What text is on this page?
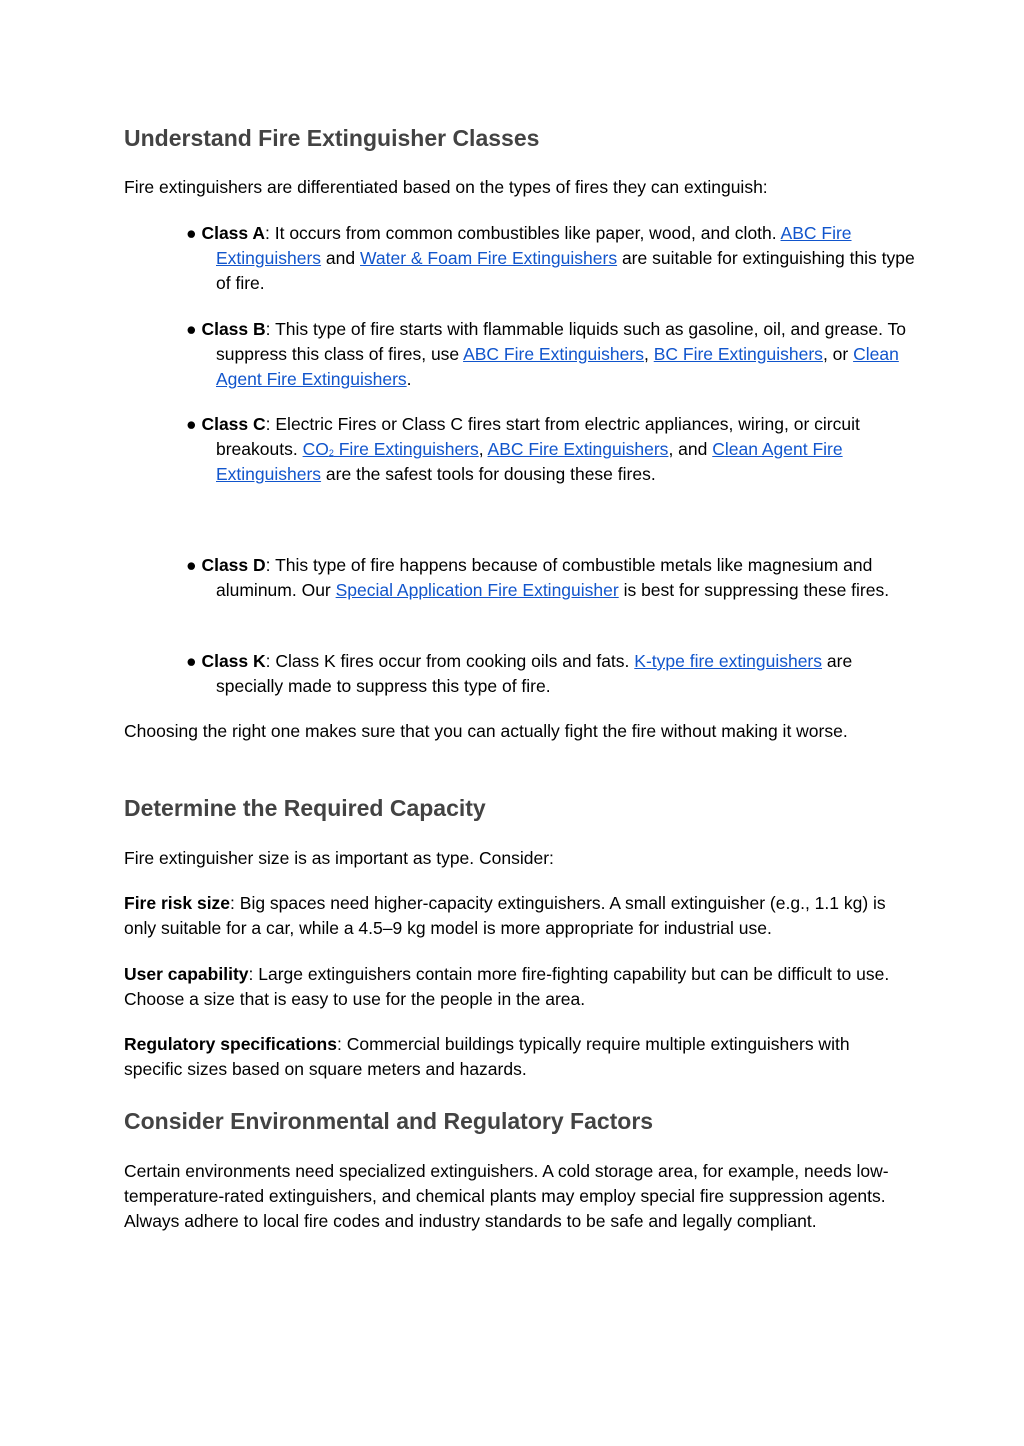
Understand Fire Extinguisher Classes

Fire extinguishers are differentiated based on the types of fires they can extinguish:

● Class A: It occurs from common combustibles like paper, wood, and cloth. ABC Fire Extinguishers and Water & Foam Fire Extinguishers are suitable for extinguishing this type of fire.

● Class B: This type of fire starts with flammable liquids such as gasoline, oil, and grease. To suppress this class of fires, use ABC Fire Extinguishers, BC Fire Extinguishers, or Clean Agent Fire Extinguishers.

● Class C: Electric Fires or Class C fires start from electric appliances, wiring, or circuit breakouts. $CO_2$ Fire Extinguishers, ABC Fire Extinguishers, and Clean Agent Fire Extinguishers are the safest tools for dousing these fires.

● Class D: This type of fire happens because of combustible metals like magnesium and aluminum. Our Special Application Fire Extinguisher is best for suppressing these fires.

● Class K: Class K fires occur from cooking oils and fats. K-type fire extinguishers are specially made to suppress this type of fire.

Choosing the right one makes sure that you can actually fight the fire without making it worse.

Determine the Required Capacity

Fire extinguisher size is as important as type. Consider:

Fire risk size: Big spaces need higher-capacity extinguishers. A small extinguisher (e.g., 1.1 kg) is only suitable for a car, while a 4.5–9 kg model is more appropriate for industrial use.

User capability: Large extinguishers contain more fire-fighting capability but can be difficult to use. Choose a size that is easy to use for the people in the area.

Regulatory specifications: Commercial buildings typically require multiple extinguishers with specific sizes based on square meters and hazards.

Consider Environmental and Regulatory Factors

Certain environments need specialized extinguishers. A cold storage area, for example, needs low-temperature-rated extinguishers, and chemical plants may employ special fire suppression agents. Always adhere to local fire codes and industry standards to be safe and legally compliant.
